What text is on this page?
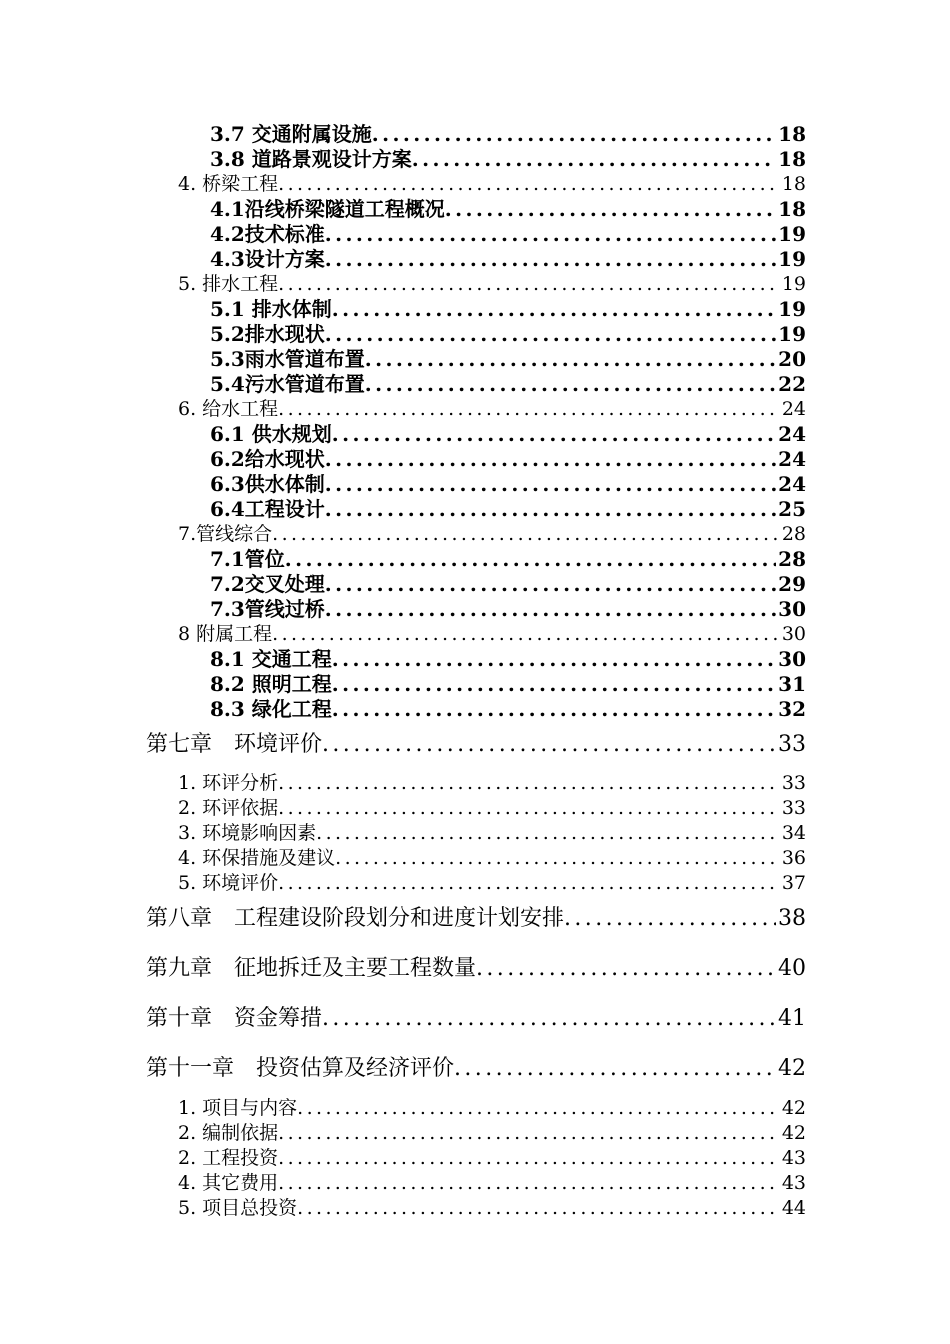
3.7 交通附属设施 .....	18
3.8 道路景观设计方案 .....	18
4. 桥梁工程 .....	18
4.1沿线桥梁隧道工程概况 .....	18
4.2技术标准 .....	19
4.3设计方案 .....	19
5. 排水工程 .....	19
5.1 排水体制 .....	19
5.2排水现状 .....	19
5.3雨水管道布置 .....	20
5.4污水管道布置 .....	22
6. 给水工程 .....	24
6.1 供水规划 .....	24
6.2给水现状 .....	24
6.3供水体制 .....	24
6.4工程设计 .....	25
7.管线综合 .....	28
7.1管位 .....	28
7.2交叉处理 .....	29
7.3管线过桥 .....	30
8 附属工程 .....	30
8.1 交通工程 .....	30
8.2 照明工程 .....	31
8.3 绿化工程 .....	32
第七章　环境评价 .....	33
1. 环评分析 .....	33
2. 环评依据 .....	33
3. 环境影响因素 .....	34
4. 环保措施及建议 .....	36
5. 环境评价 .....	37
第八章　工程建设阶段划分和进度计划安排 .....	38
第九章　征地拆迁及主要工程数量 .....	40
第十章　资金筹措 .....	41
第十一章　投资估算及经济评价 .....	42
1. 项目与内容 .....	42
2. 编制依据 .....	42
2. 工程投资 .....	43
4. 其它费用 .....	43
5. 项目总投资 .....	44
